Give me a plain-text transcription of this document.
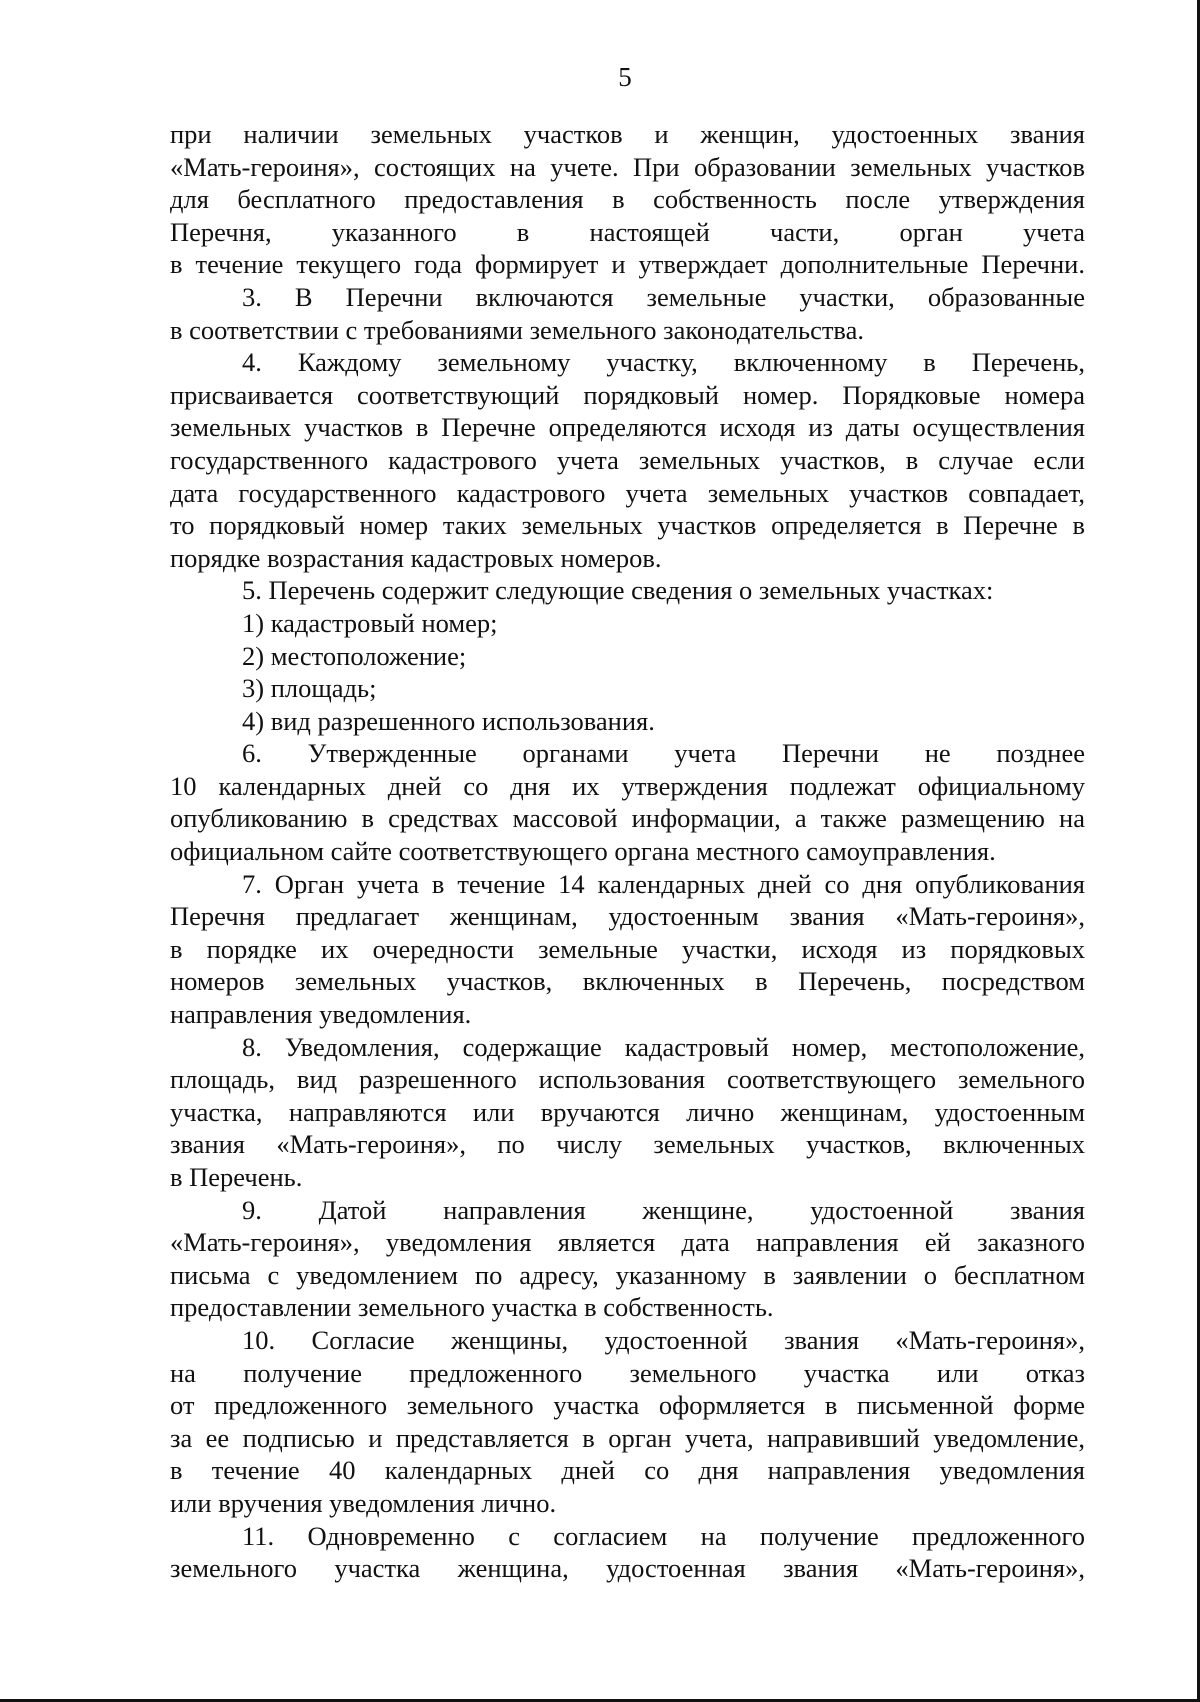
5
при наличии земельных участков и женщин, удостоенных звания
«Мать-героиня», состоящих на учете. При образовании земельных участков
для бесплатного предоставления в собственность после утверждения
Перечня, указанного в настоящей части, орган учета
в течение текущего года формирует и утверждает дополнительные Перечни.
3. В Перечни включаются земельные участки, образованные
в соответствии с требованиями земельного законодательства.
4. Каждому земельному участку, включенному в Перечень,
присваивается соответствующий порядковый номер. Порядковые номера
земельных участков в Перечне определяются исходя из даты осуществления
государственного кадастрового учета земельных участков, в случае если
дата государственного кадастрового учета земельных участков совпадает,
то порядковый номер таких земельных участков определяется в Перечне в
порядке возрастания кадастровых номеров.
5. Перечень содержит следующие сведения о земельных участках:
1) кадастровый номер;
2) местоположение;
3) площадь;
4) вид разрешенного использования.
6. Утвержденные органами учета Перечни не позднее
10 календарных дней со дня их утверждения подлежат официальному
опубликованию в средствах массовой информации, а также размещению на
официальном сайте соответствующего органа местного самоуправления.
7. Орган учета в течение 14 календарных дней со дня опубликования
Перечня предлагает женщинам, удостоенным звания «Мать-героиня»,
в порядке их очередности земельные участки, исходя из порядковых
номеров земельных участков, включенных в Перечень, посредством
направления уведомления.
8. Уведомления, содержащие кадастровый номер, местоположение,
площадь, вид разрешенного использования соответствующего земельного
участка, направляются или вручаются лично женщинам, удостоенным
звания «Мать-героиня», по числу земельных участков, включенных
в Перечень.
9. Датой направления женщине, удостоенной звания
«Мать-героиня», уведомления является дата направления ей заказного
письма с уведомлением по адресу, указанному в заявлении о бесплатном
предоставлении земельного участка в собственность.
10. Согласие женщины, удостоенной звания «Мать-героиня»,
на получение предложенного земельного участка или отказ
от предложенного земельного участка оформляется в письменной форме
за ее подписью и представляется в орган учета, направивший уведомление,
в течение 40 календарных дней со дня направления уведомления
или вручения уведомления лично.
11. Одновременно с согласием на получение предложенного
земельного участка женщина, удостоенная звания «Мать-героиня»,
